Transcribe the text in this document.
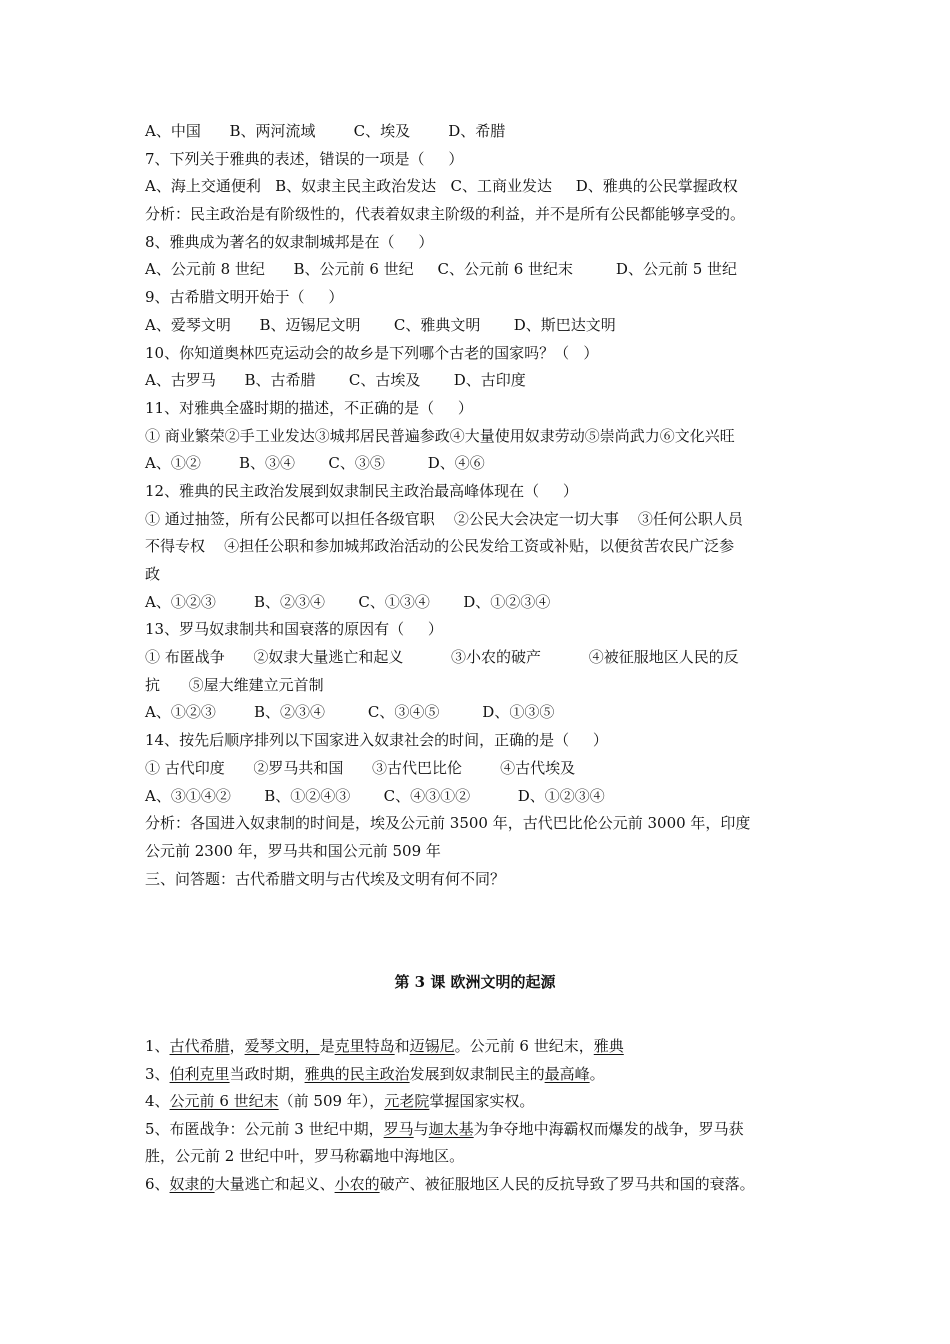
A、中国      B、两河流域        C、埃及        D、希腊
7、下列关于雅典的表述，错误的一项是（     ）
A、海上交通便利   B、奴隶主民主政治发达   C、工商业发达     D、雅典的公民掌握政权
分析：民主政治是有阶级性的，代表着奴隶主阶级的利益，并不是所有公民都能够享受的。
8、雅典成为著名的奴隶制城邦是在（     ）
A、公元前 8 世纪      B、公元前 6 世纪     C、公元前 6 世纪末         D、公元前 5 世纪
9、古希腊文明开始于（     ）
A、爱琴文明      B、迈锡尼文明       C、雅典文明       D、斯巴达文明
10、你知道奥林匹克运动会的故乡是下列哪个古老的国家吗？（   ）
A、古罗马      B、古希腊       C、古埃及       D、古印度
11、对雅典全盛时期的描述，不正确的是（     ）
① 商业繁荣②手工业发达③城邦居民普遍参政④大量使用奴隶劳动⑤崇尚武力⑥文化兴旺
A、①②        B、③④       C、③⑤         D、④⑥
12、雅典的民主政治发展到奴隶制民主政治最高峰体现在（     ）
① 通过抽签，所有公民都可以担任各级官职    ②公民大会决定一切大事    ③任何公职人员
不得专权    ④担任公职和参加城邦政治活动的公民发给工资或补贴，以便贫苦农民广泛参
政
A、①②③        B、②③④       C、①③④       D、①②③④
13、罗马奴隶制共和国衰落的原因有（     ）
① 布匿战争      ②奴隶大量逃亡和起义          ③小农的破产          ④被征服地区人民的反
抗      ⑤屋大维建立元首制
A、①②③        B、②③④         C、③④⑤         D、①③⑤
14、按先后顺序排列以下国家进入奴隶社会的时间，正确的是（     ）
① 古代印度      ②罗马共和国      ③古代巴比伦        ④古代埃及
A、③①④②       B、①②④③       C、④③①②          D、①②③④
分析：各国进入奴隶制的时间是，埃及公元前 3500 年，古代巴比伦公元前 3000 年，印度
公元前 2300 年，罗马共和国公元前 509 年
三、问答题：古代希腊文明与古代埃及文明有何不同？
第 3 课 欧洲文明的起源
1、古代希腊，爱琴文明，是克里特岛和迈锡尼。公元前 6 世纪末，雅典
3、伯利克里当政时期，雅典的民主政治发展到奴隶制民主的最高峰。
4、公元前 6 世纪末（前 509 年），元老院掌握国家实权。
5、布匿战争：公元前 3 世纪中期，罗马与迦太基为争夺地中海霸权而爆发的战争，罗马获
胜，公元前 2 世纪中叶，罗马称霸地中海地区。
6、奴隶的大量逃亡和起义、小农的破产、被征服地区人民的反抗导致了罗马共和国的衰落。
